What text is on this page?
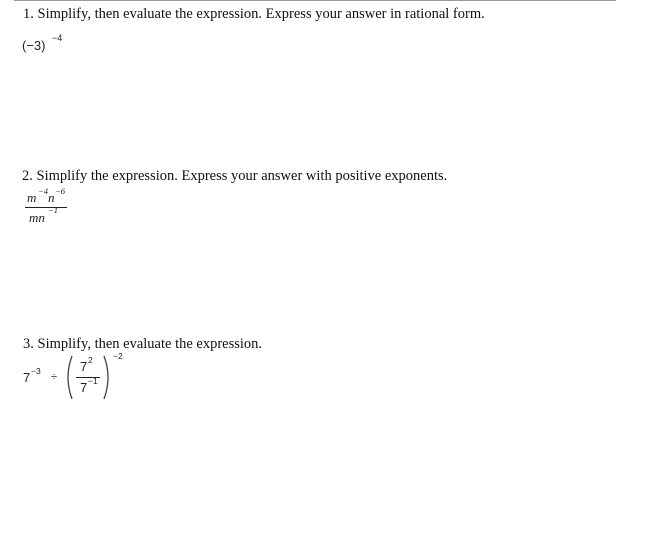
1. Simplify, then evaluate the expression. Express your answer in rational form.
(−3) −4
2. Simplify the expression. Express your answer with positive exponents.
m −4 n −6
mn −1
3. Simplify, then evaluate the expression.
7 −3 ÷
7 2
7 −1
−2
